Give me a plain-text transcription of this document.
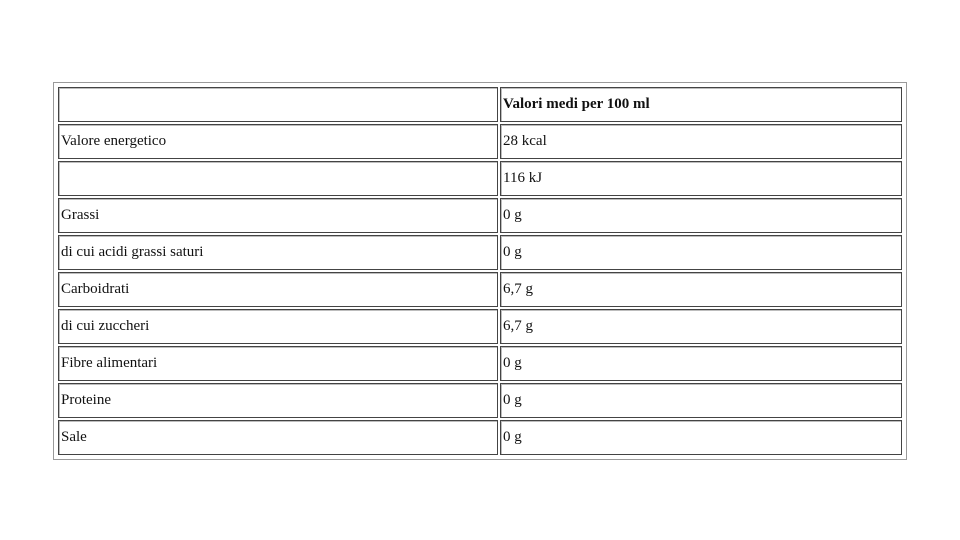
	Valori medi per 100 ml
Valore energetico	28 kcal
	116 kJ
Grassi	0 g
di cui acidi grassi saturi	0 g
Carboidrati	6,7 g
di cui zuccheri	6,7 g
Fibre alimentari	0 g
Proteine	0 g
Sale	0 g
